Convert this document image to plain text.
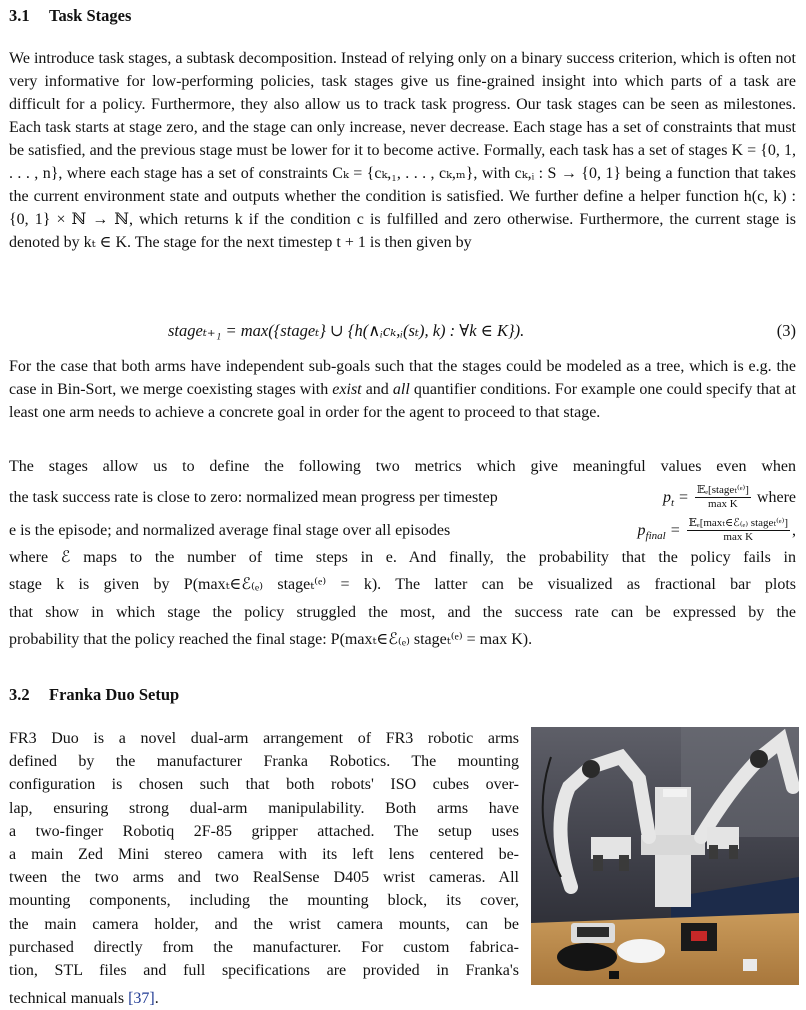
3.1 Task Stages
We introduce task stages, a subtask decomposition. Instead of relying only on a binary success criterion, which is often not very informative for low-performing policies, task stages give us fine-grained insight into which parts of a task are difficult for a policy. Furthermore, they also allow us to track task progress. Our task stages can be seen as milestones. Each task starts at stage zero, and the stage can only increase, never decrease. Each stage has a set of constraints that must be satisfied, and the previous stage must be lower for it to become active. Formally, each task has a set of stages K = {0, 1, . . . , n}, where each stage has a set of constraints Cₖ = {cₖ,₁, . . . , cₖ,ₘ}, with cₖ,ᵢ : S → {0, 1} being a function that takes the current environment state and outputs whether the condition is satisfied. We further define a helper function h(c, k) : {0, 1} × ℕ → ℕ, which returns k if the condition c is fulfilled and zero otherwise. Furthermore, the current stage is denoted by kₜ ∈ K. The stage for the next timestep t + 1 is then given by
stageₜ₊₁ = max({stageₜ} ∪ {h(∧ᵢcₖ,ᵢ(sₜ), k) : ∀k ∈ K}).	(3)
For the case that both arms have independent sub-goals such that the stages could be modeled as a tree, which is e.g. the case in Bin-Sort, we merge coexisting stages with exist and all quantifier conditions. For example one could specify that at least one arm needs to achieve a concrete goal in order for the agent to proceed to that stage.
The stages allow us to define the following two metrics which give meaningful values even when
the task success rate is close to zero: normalized mean progress per timestep	$p_t = \frac{\text{𝔼ₑ[stageₜ⁽ᵉ⁾]}}{\text{max K}}$ where
e is the episode; and normalized average final stage over all episodes	$p_{final} = \frac{\text{𝔼ₑ[maxₜ∈ℰ₍ₑ₎ stageₜ⁽ᵉ⁾]}}{\text{max K}}$ ,
where ℰ maps to the number of time steps in e. And finally, the probability that the policy fails in
stage k is given by P(maxₜ∈ℰ₍ₑ₎ stageₜ⁽ᵉ⁾ = k). The latter can be visualized as fractional bar plots
that show in which stage the policy struggled the most, and the success rate can be expressed by the
probability that the policy reached the final stage: P(maxₜ∈ℰ₍ₑ₎ stageₜ⁽ᵉ⁾ = max K).
3.2 Franka Duo Setup
FR3 Duo is a novel dual-arm arrangement of FR3 robotic arms
defined by the manufacturer Franka Robotics. The mounting
configuration is chosen such that both robots' ISO cubes over-
lap, ensuring strong dual-arm manipulability. Both arms have
a two-finger Robotiq 2F-85 gripper attached. The setup uses
a main Zed Mini stereo camera with its left lens centered be-
tween the two arms and two RealSense D405 wrist cameras. All
mounting components, including the mounting block, its cover,
the main camera holder, and the wrist camera mounts, can be
purchased directly from the manufacturer. For custom fabrica-
tion, STL files and full specifications are provided in Franka's
technical manuals [37].
